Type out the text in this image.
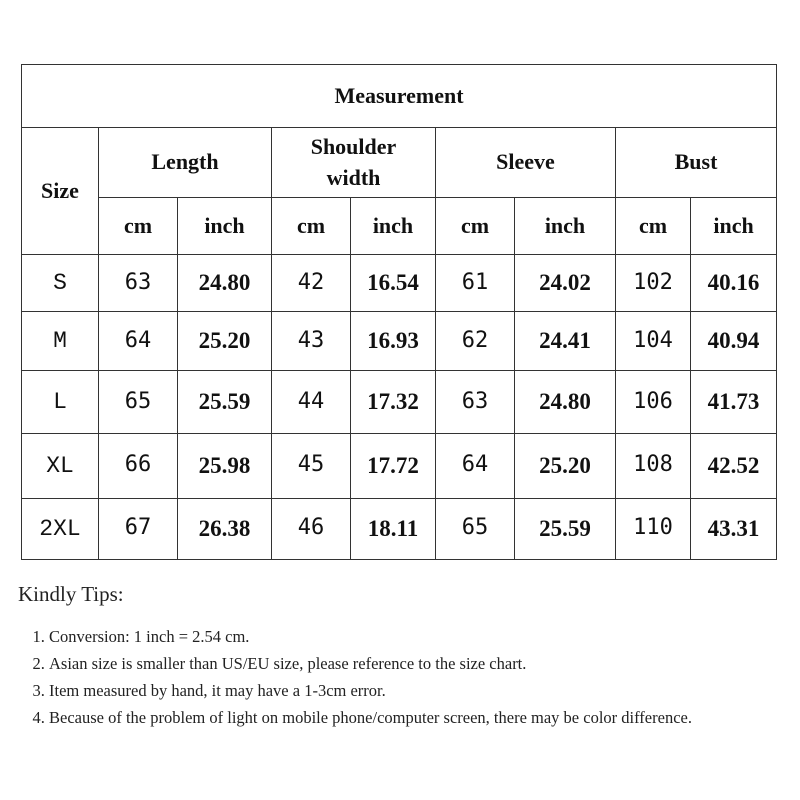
Measurement								
Size	Length		Shoulder width		Sleeve		Bust	
	cm	inch	cm	inch	cm	inch	cm	inch
S	63	24.80	42	16.54	61	24.02	102	40.16
M	64	25.20	43	16.93	62	24.41	104	40.94
L	65	25.59	44	17.32	63	24.80	106	41.73
XL	66	25.98	45	17.72	64	25.20	108	42.52
2XL	67	26.38	46	18.11	65	25.59	110	43.31
Kindly Tips:
1. Conversion: 1 inch = 2.54 cm.
2. Asian size is smaller than US/EU size, please reference to the size chart.
3. Item measured by hand, it may have a 1-3cm error.
4. Because of the problem of light on mobile phone/computer screen, there may be color difference.
